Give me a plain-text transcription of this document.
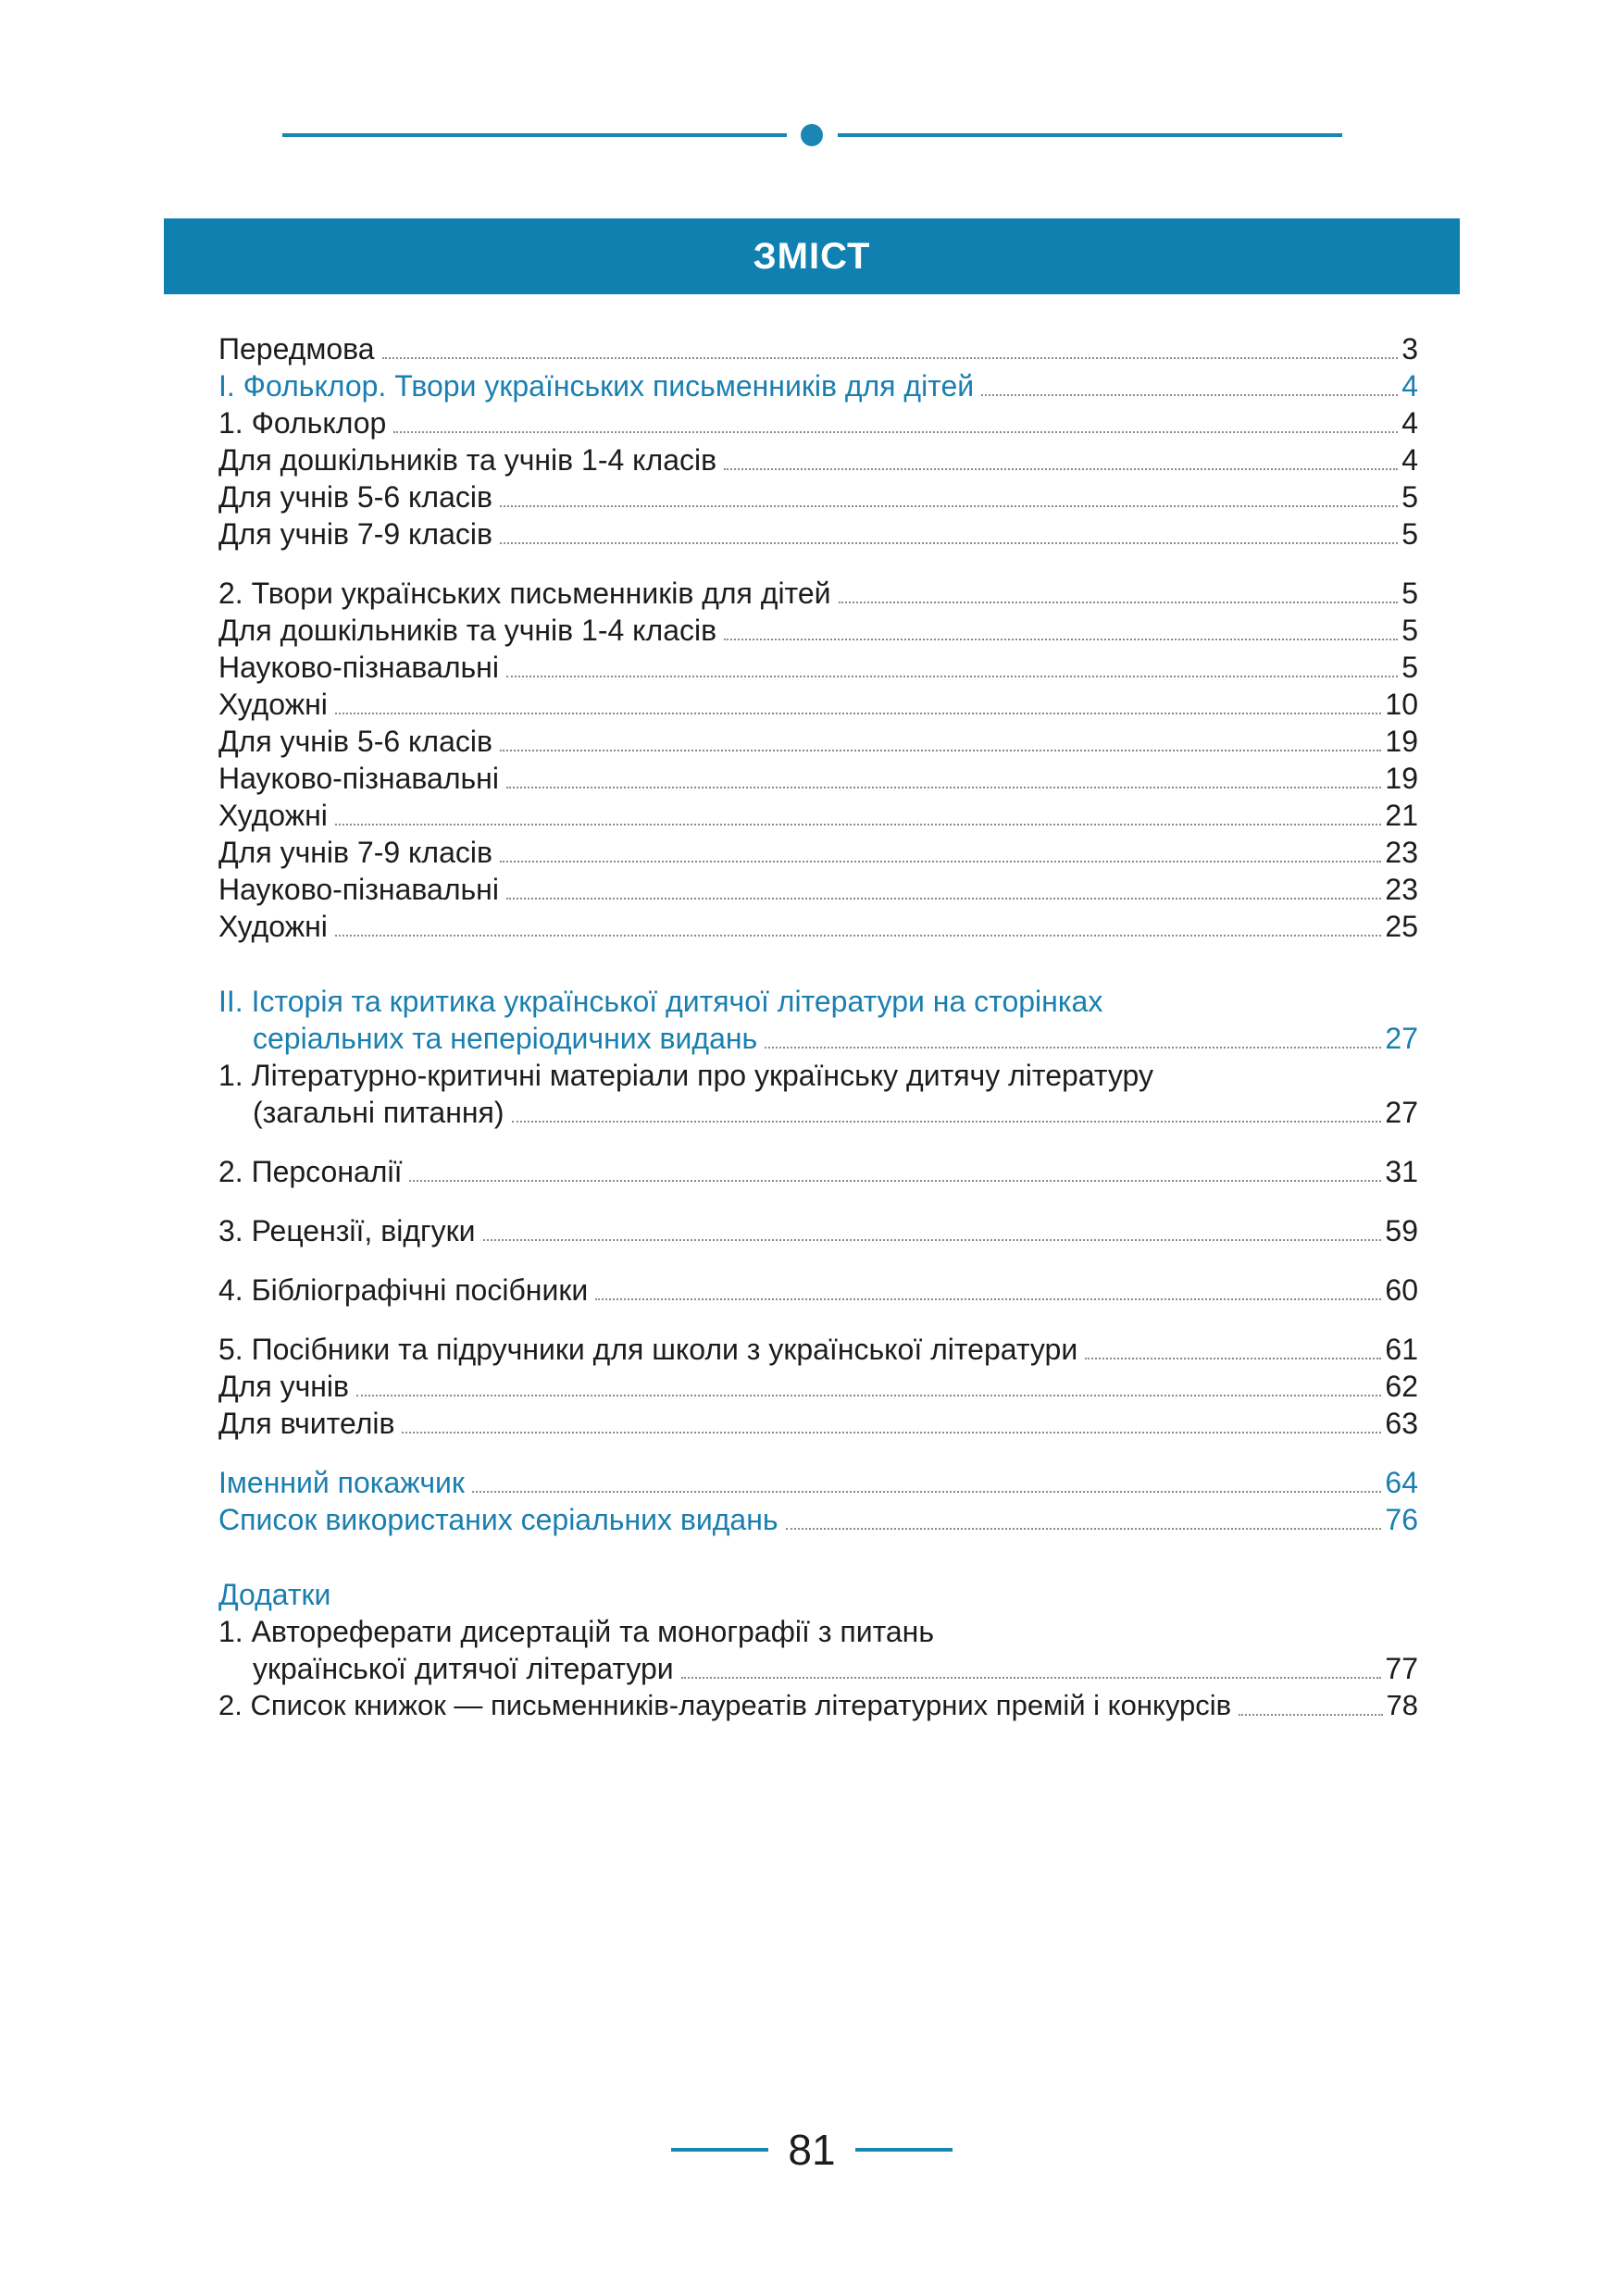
ЗМІСТ
Передмова	3
І. Фольклор. Твори українських письменників для дітей	4
1. Фольклор	4
Для дошкільників та учнів 1-4 класів	4
Для учнів 5-6 класів	5
Для учнів 7-9 класів	5
2. Твори українських письменників для дітей	5
Для дошкільників та учнів 1-4 класів	5
Науково-пізнавальні	5
Художні	10
Для учнів 5-6 класів	19
Науково-пізнавальні	19
Художні	21
Для учнів 7-9 класів	23
Науково-пізнавальні	23
Художні	25
ІІ. Історія та критика української дитячої літератури на сторінках
серіальних та неперіодичних видань	27
1. Літературно-критичні матеріали про українську дитячу літературу
(загальні питання)	27
2. Персоналії	31
3. Рецензії, відгуки	59
4. Бібліографічні посібники	60
5. Посібники та підручники для школи з української літератури	61
Для учнів	62
Для вчителів	63
Іменний покажчик	64
Список використаних серіальних видань	76
Додатки
1. Автореферати дисертацій та монографії з питань
української дитячої літератури	77
2. Список книжок — письменників-лауреатів літературних премій і конкурсів	78
81
